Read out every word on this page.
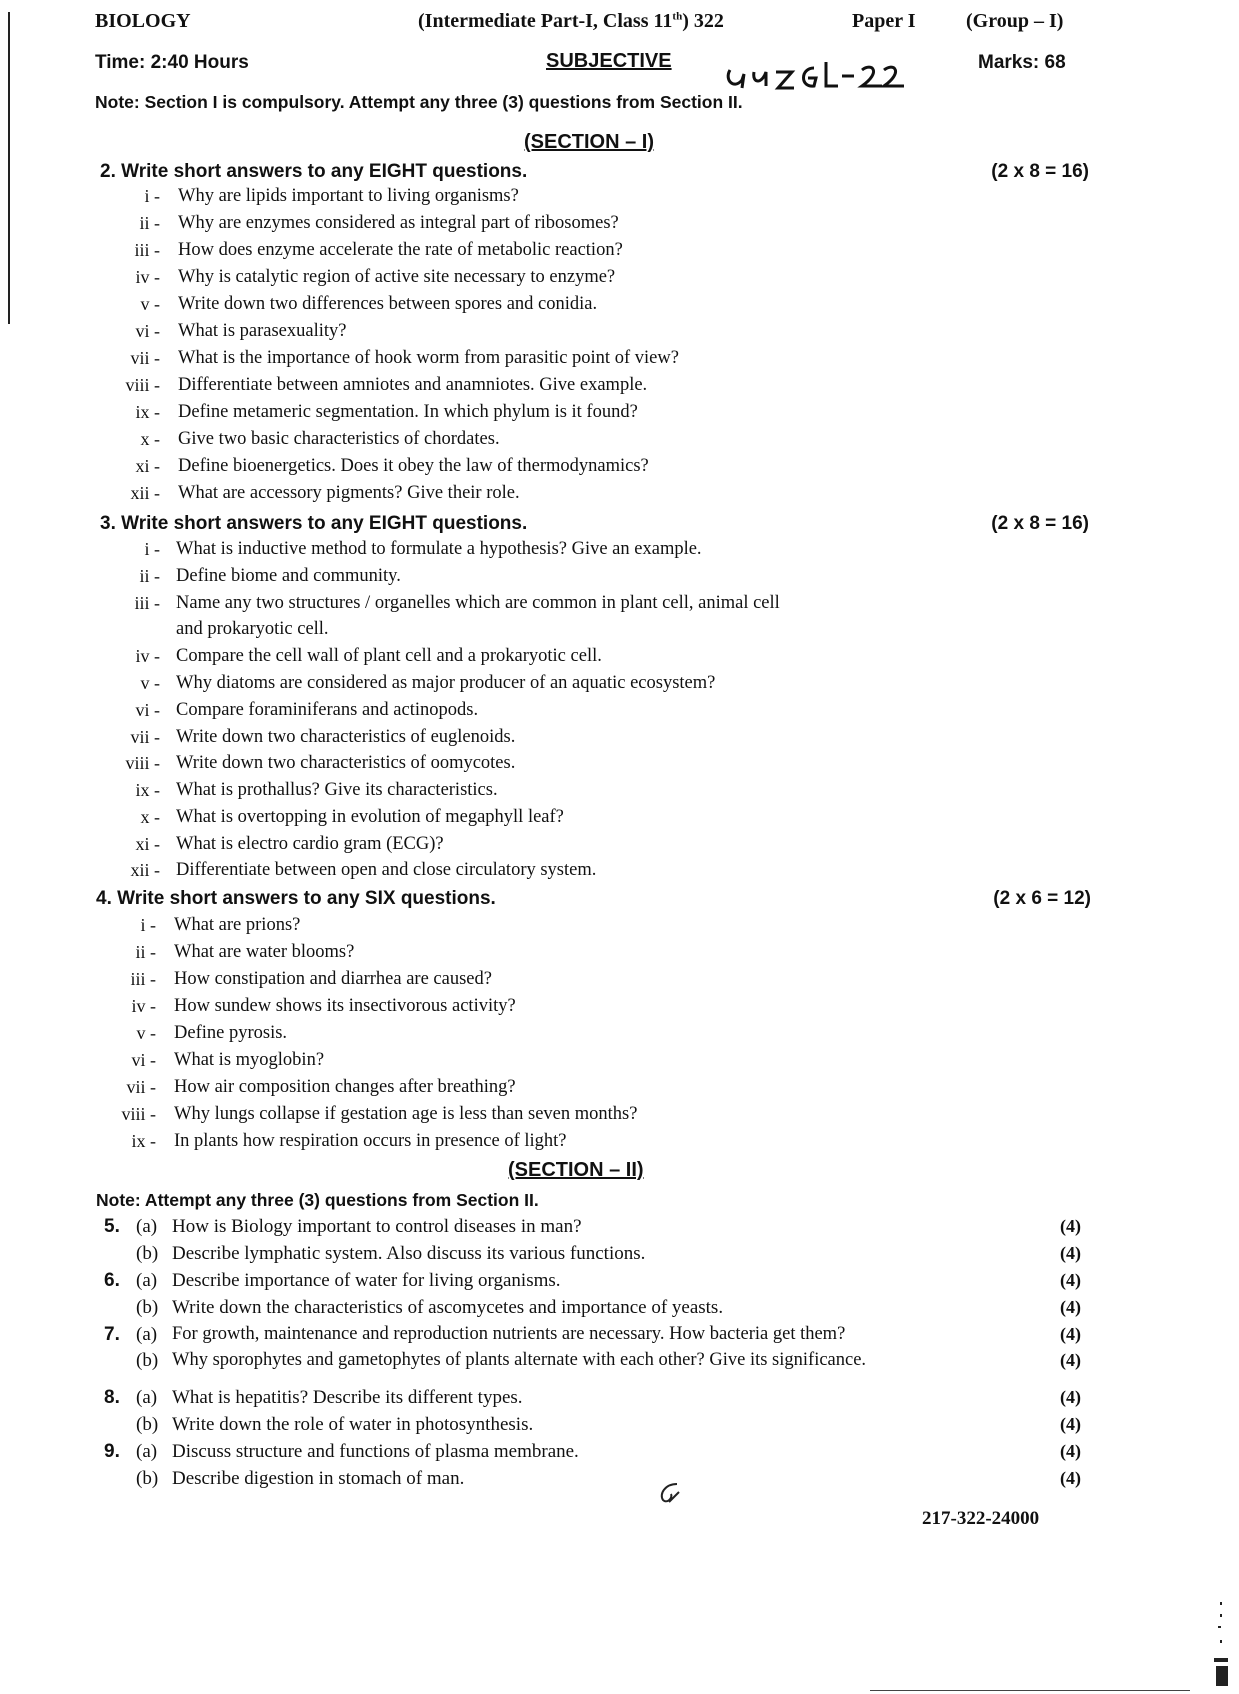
BIOLOGY	(Intermediate Part-I, Class 11th) 322	Paper I	(Group – I)
Time: 2:40 Hours	SUBJECTIVE	Marks: 68
Note: Section I is compulsory. Attempt any three (3) questions from Section II.
(SECTION – I)
2. Write short answers to any EIGHT questions.	(2 x 8 = 16)
i - Why are lipids important to living organisms?
ii - Why are enzymes considered as integral part of ribosomes?
iii - How does enzyme accelerate the rate of metabolic reaction?
iv - Why is catalytic region of active site necessary to enzyme?
v - Write down two differences between spores and conidia.
vi - What is parasexuality?
vii - What is the importance of hook worm from parasitic point of view?
viii - Differentiate between amniotes and anamniotes. Give example.
ix - Define metameric segmentation. In which phylum is it found?
x - Give two basic characteristics of chordates.
xi - Define bioenergetics. Does it obey the law of thermodynamics?
xii - What are accessory pigments? Give their role.
3. Write short answers to any EIGHT questions.	(2 x 8 = 16)
i - What is inductive method to formulate a hypothesis? Give an example.
ii - Define biome and community.
iii - Name any two structures / organelles which are common in plant cell, animal cell
and prokaryotic cell.
iv - Compare the cell wall of plant cell and a prokaryotic cell.
v - Why diatoms are considered as major producer of an aquatic ecosystem?
vi - Compare foraminiferans and actinopods.
vii - Write down two characteristics of euglenoids.
viii - Write down two characteristics of oomycotes.
ix - What is prothallus? Give its characteristics.
x - What is overtopping in evolution of megaphyll leaf?
xi - What is electro cardio gram (ECG)?
xii - Differentiate between open and close circulatory system.
4. Write short answers to any SIX questions.	(2 x 6 = 12)
i - What are prions?
ii - What are water blooms?
iii - How constipation and diarrhea are caused?
iv - How sundew shows its insectivorous activity?
v - Define pyrosis.
vi - What is myoglobin?
vii - How air composition changes after breathing?
viii - Why lungs collapse if gestation age is less than seven months?
ix - In plants how respiration occurs in presence of light?
(SECTION – II)
Note: Attempt any three (3) questions from Section II.
5. (a) How is Biology important to control diseases in man?	(4)
(b) Describe lymphatic system. Also discuss its various functions.	(4)
6. (a) Describe importance of water for living organisms.	(4)
(b) Write down the characteristics of ascomycetes and importance of yeasts.	(4)
7. (a) For growth, maintenance and reproduction nutrients are necessary. How bacteria get them?	(4)
(b) Why sporophytes and gametophytes of plants alternate with each other? Give its significance.	(4)
8. (a) What is hepatitis? Describe its different types.	(4)
(b) Write down the role of water in photosynthesis.	(4)
9. (a) Discuss structure and functions of plasma membrane.	(4)
(b) Describe digestion in stomach of man.	(4)
217-322-24000
